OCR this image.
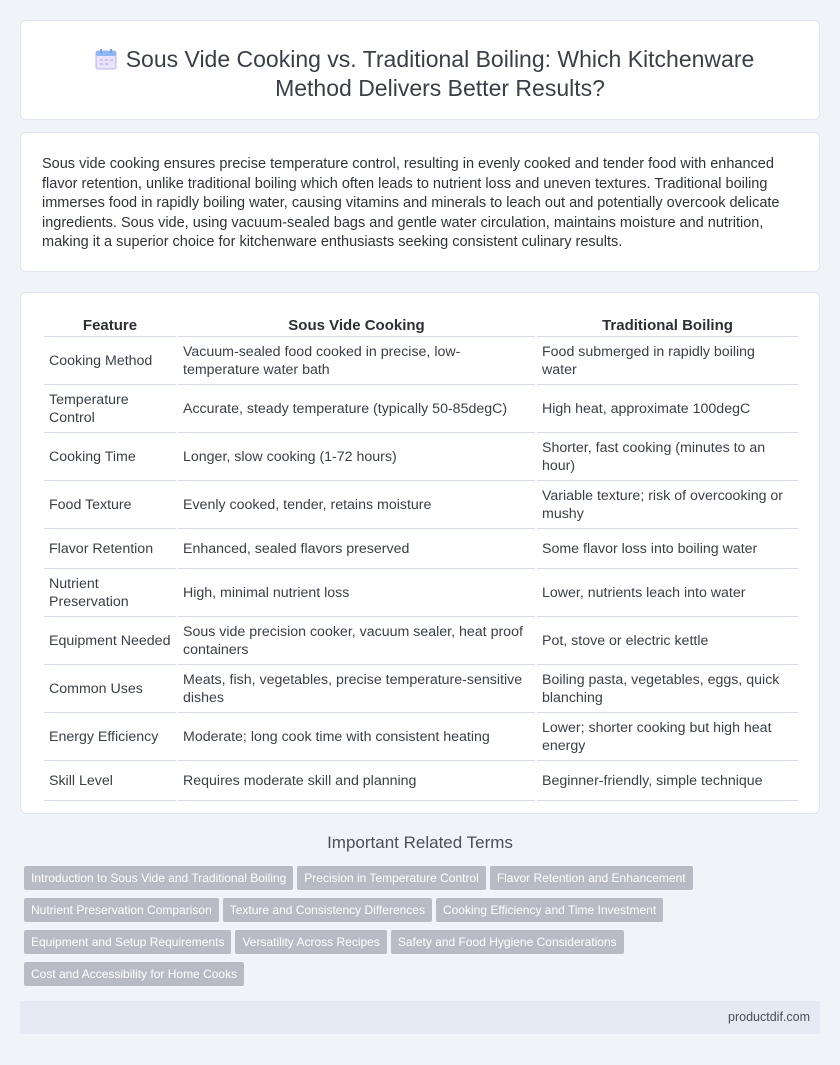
Sous Vide Cooking vs. Traditional Boiling: Which Kitchenware Method Delivers Better Results?

Sous vide cooking ensures precise temperature control, resulting in evenly cooked and tender food with enhanced flavor retention, unlike traditional boiling which often leads to nutrient loss and uneven textures. Traditional boiling immerses food in rapidly boiling water, causing vitamins and minerals to leach out and potentially overcook delicate ingredients. Sous vide, using vacuum-sealed bags and gentle water circulation, maintains moisture and nutrition, making it a superior choice for kitchenware enthusiasts seeking consistent culinary results.

Feature	Sous Vide Cooking	Traditional Boiling
Cooking Method	Vacuum-sealed food cooked in precise, low-temperature water bath	Food submerged in rapidly boiling water
Temperature Control	Accurate, steady temperature (typically 50-85degC)	High heat, approximate 100degC
Cooking Time	Longer, slow cooking (1-72 hours)	Shorter, fast cooking (minutes to an hour)
Food Texture	Evenly cooked, tender, retains moisture	Variable texture; risk of overcooking or mushy
Flavor Retention	Enhanced, sealed flavors preserved	Some flavor loss into boiling water
Nutrient Preservation	High, minimal nutrient loss	Lower, nutrients leach into water
Equipment Needed	Sous vide precision cooker, vacuum sealer, heat proof containers	Pot, stove or electric kettle
Common Uses	Meats, fish, vegetables, precise temperature-sensitive dishes	Boiling pasta, vegetables, eggs, quick blanching
Energy Efficiency	Moderate; long cook time with consistent heating	Lower; shorter cooking but high heat energy
Skill Level	Requires moderate skill and planning	Beginner-friendly, simple technique
Important Related Terms
Introduction to Sous Vide and Traditional Boiling Precision in Temperature Control Flavor Retention and Enhancement
Nutrient Preservation Comparison Texture and Consistency Differences Cooking Efficiency and Time Investment
Equipment and Setup Requirements Versatility Across Recipes Safety and Food Hygiene Considerations
Cost and Accessibility for Home Cooks
productdif.com
